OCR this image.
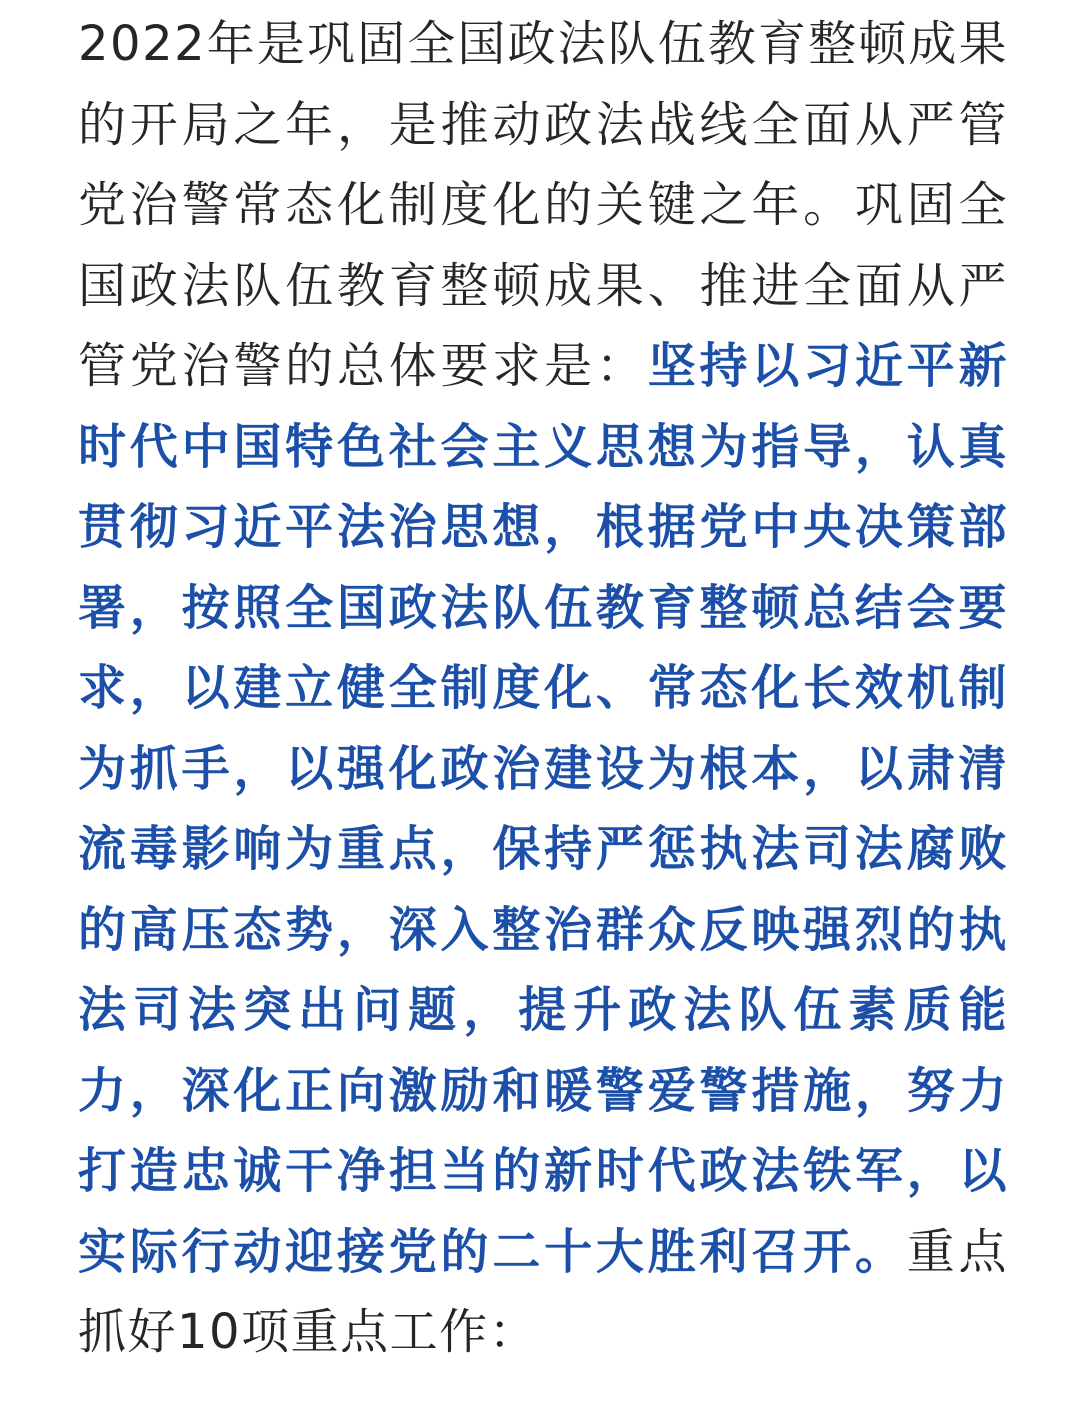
2022年是巩固全国政法队伍教育整顿成果的开局之年，是推动政法战线全面从严管党治警常态化制度化的关键之年。巩固全国政法队伍教育整顿成果、推进全面从严管党治警的总体要求是：坚持以习近平新时代中国特色社会主义思想为指导，认真贯彻习近平法治思想，根据党中央决策部署，按照全国政法队伍教育整顿总结会要求，以建立健全制度化、常态化长效机制为抓手，以强化政治建设为根本，以肃清流毒影响为重点，保持严惩执法司法腐败的高压态势，深入整治群众反映强烈的执法司法突出问题，提升政法队伍素质能力，深化正向激励和暖警爱警措施，努力打造忠诚干净担当的新时代政法铁军，以实际行动迎接党的二十大胜利召开。重点抓好10项重点工作：
